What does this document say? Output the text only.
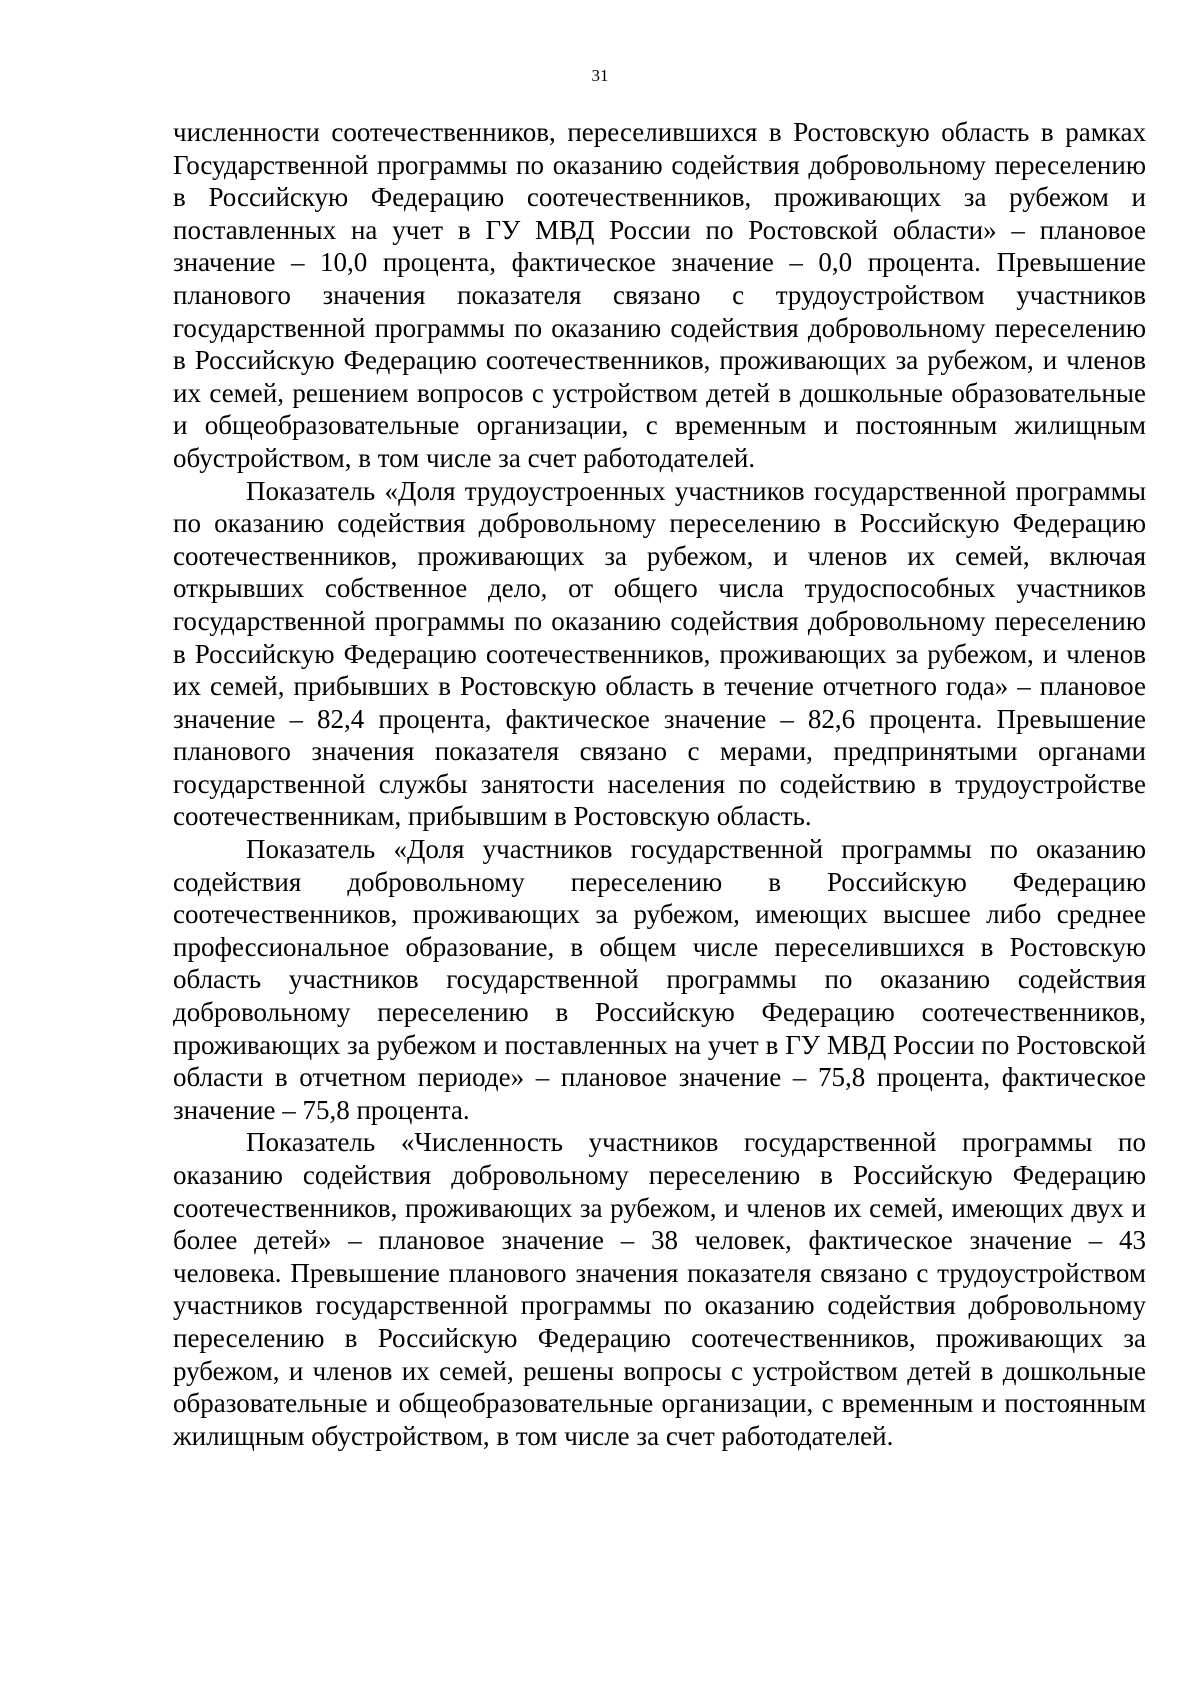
31

численности соотечественников, переселившихся в Ростовскую область в рамках Государственной программы по оказанию содействия добровольному переселению в Российскую Федерацию соотечественников, проживающих за рубежом и поставленных на учет в ГУ МВД России по Ростовской области» – плановое значение – 10,0 процента, фактическое значение – 0,0 процента. Превышение планового значения показателя связано с трудоустройством участников государственной программы по оказанию содействия добровольному переселению в Российскую Федерацию соотечественников, проживающих за рубежом, и членов их семей, решением вопросов с устройством детей в дошкольные образовательные и общеобразовательные организации, с временным и постоянным жилищным обустройством, в том числе за счет работодателей.

Показатель «Доля трудоустроенных участников государственной программы по оказанию содействия добровольному переселению в Российскую Федерацию соотечественников, проживающих за рубежом, и членов их семей, включая открывших собственное дело, от общего числа трудоспособных участников государственной программы по оказанию содействия добровольному переселению в Российскую Федерацию соотечественников, проживающих за рубежом, и членов их семей, прибывших в Ростовскую область в течение отчетного года» – плановое значение – 82,4 процента, фактическое значение – 82,6 процента. Превышение планового значения показателя связано с мерами, предпринятыми органами государственной службы занятости населения по содействию в трудоустройстве соотечественникам, прибывшим в Ростовскую область.

Показатель «Доля участников государственной программы по оказанию содействия добровольному переселению в Российскую Федерацию соотечественников, проживающих за рубежом, имеющих высшее либо среднее профессиональное образование, в общем числе переселившихся в Ростовскую область участников государственной программы по оказанию содействия добровольному переселению в Российскую Федерацию соотечественников, проживающих за рубежом и поставленных на учет в ГУ МВД России по Ростовской области в отчетном периоде» – плановое значение – 75,8 процента, фактическое значение – 75,8 процента.

Показатель «Численность участников государственной программы по оказанию содействия добровольному переселению в Российскую Федерацию соотечественников, проживающих за рубежом, и членов их семей, имеющих двух и более детей» – плановое значение – 38 человек, фактическое значение – 43 человека. Превышение планового значения показателя связано с трудоустройством участников государственной программы по оказанию содействия добровольному переселению в Российскую Федерацию соотечественников, проживающих за рубежом, и членов их семей, решены вопросы с устройством детей в дошкольные образовательные и общеобразовательные организации, с временным и постоянным жилищным обустройством, в том числе за счет работодателей.
